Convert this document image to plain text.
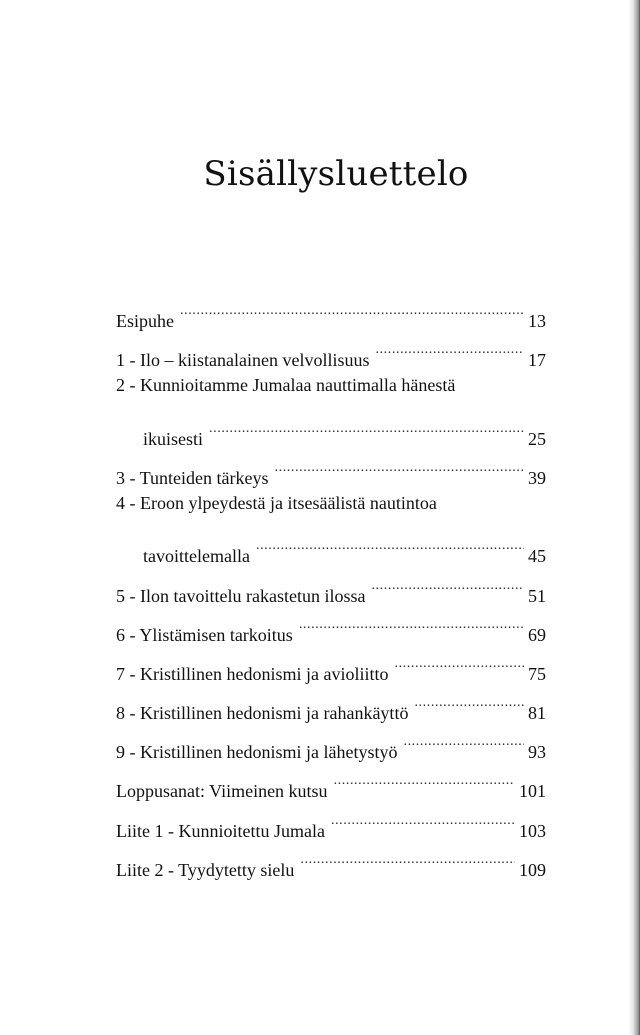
Sisällysluettelo
Esipuhe .....	13
1 - Ilo – kiistanalainen velvollisuus .....	17
2 - Kunnioitamme Jumalaa nauttimalla hänestä
ikuisesti .....	25
3 - Tunteiden tärkeys .....	39
4 - Eroon ylpeydestä ja itsesäälistä nautintoa
tavoittelemalla .....	45
5 - Ilon tavoittelu rakastetun ilossa .....	51
6 - Ylistämisen tarkoitus .....	69
7 - Kristillinen hedonismi ja avioliitto .....	75
8 - Kristillinen hedonismi ja rahankäyttö .....	81
9 - Kristillinen hedonismi ja lähetystyö .....	93
Loppusanat: Viimeinen kutsu .....	101
Liite 1 - Kunnioitettu Jumala .....	103
Liite 2 - Tyydytetty sielu .....	109
